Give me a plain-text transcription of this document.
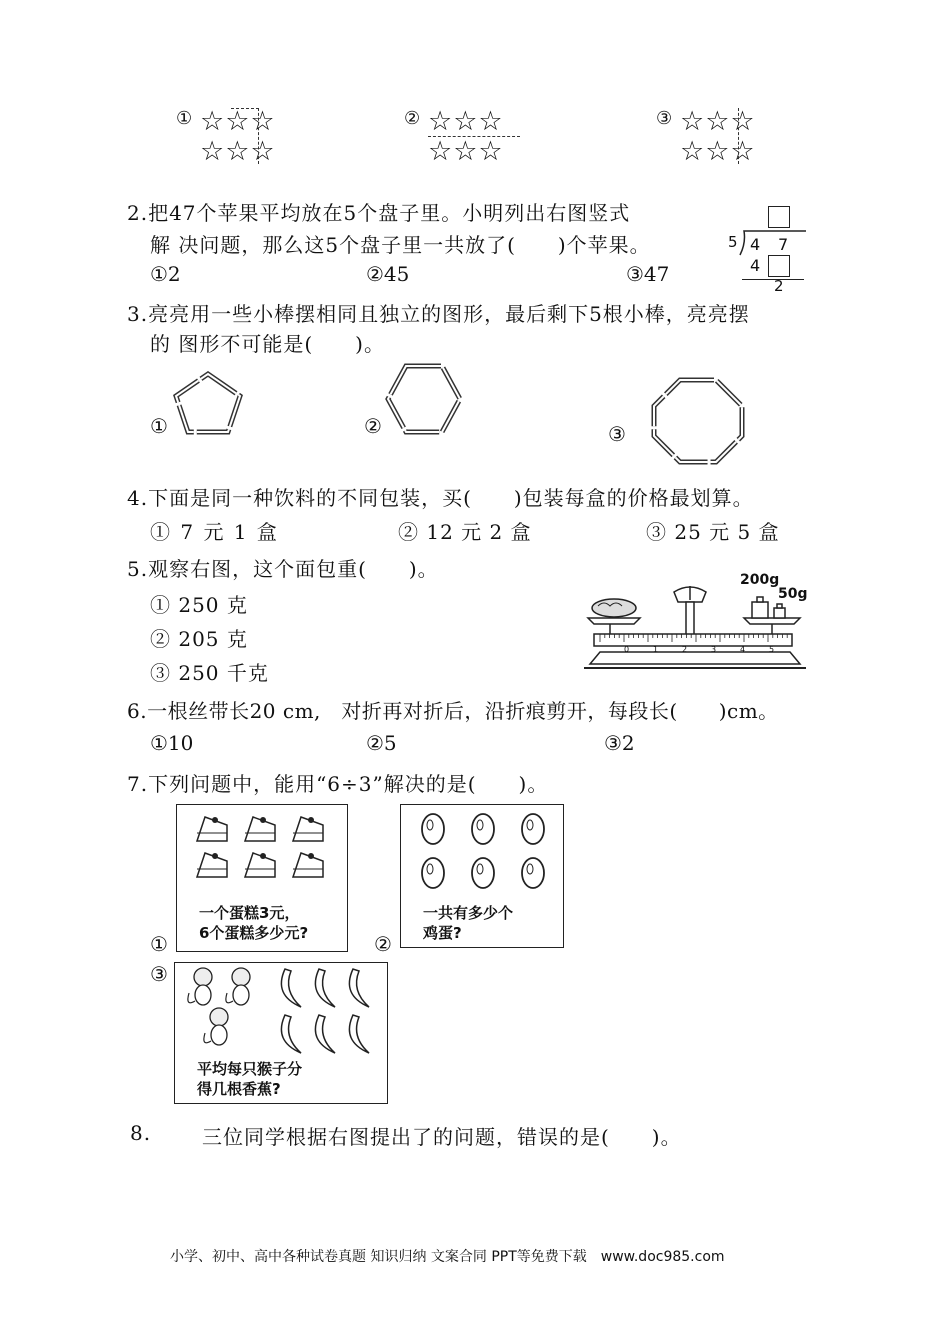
① ☆☆☆
☆☆☆
② ☆☆☆
☆☆☆
③ ☆☆☆
☆☆☆
2.把47个苹果平均放在5个盘子里。小明列出右图竖式
解 决问题，那么这5个盘子里一共放了(　　)个苹果。
①2	②45	③47
5 4 7
4
2
3.亮亮用一些小棒摆相同且独立的图形，最后剩下5根小棒，亮亮摆
的 图形不可能是(　　)。
①	②	③
4.下面是同一种饮料的不同包装，买(　　)包装每盒的价格最划算。
① 7 元 1 盒	② 12 元 2 盒	③ 25 元 5 盒
5.观察右图，这个面包重(　　)。
① 250 克
② 205 克
③ 250 千克
200g
50g
0	1	2	3	4	5
6.一根丝带长20 cm,　对折再对折后，沿折痕剪开，每段长(　　)cm。
①10	②5	③2
7.下列问题中，能用“6÷3”解决的是(　　)。
①
一个蛋糕3元，
6个蛋糕多少元?	②
一共有多少个
鸡蛋?
③
平均每只猴子分
得几根香蕉?
8.	三位同学根据右图提出了的问题，错误的是(　　)。
小学、初中、高中各种试卷真题 知识归纳 文案合同 PPT等免费下载　www.doc985.com
